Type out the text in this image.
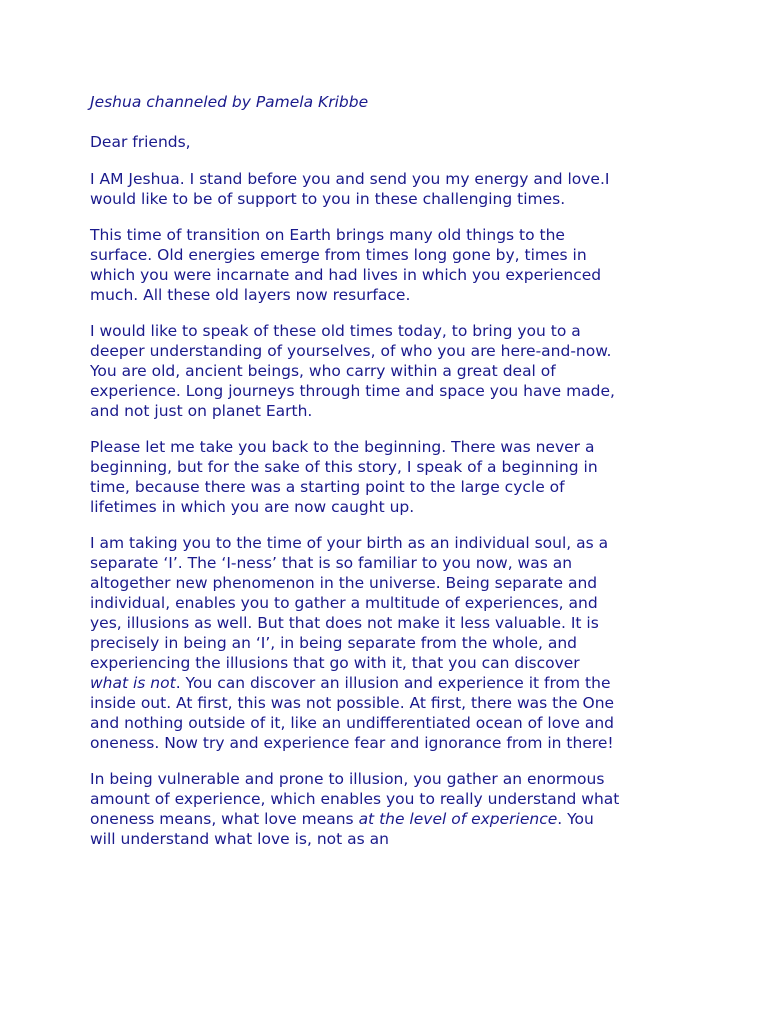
Jeshua channeled by Pamela Kribbe

Dear friends,

I AM Jeshua. I stand before you and send you my energy and love.I would like to be of support to you in these challenging times.

This time of transition on Earth brings many old things to the surface. Old energies emerge from times long gone by, times in which you were incarnate and had lives in which you experienced much. All these old layers now resurface.

I would like to speak of these old times today, to bring you to a deeper understanding of yourselves, of who you are here-and-now. You are old, ancient beings, who carry within a great deal of experience. Long journeys through time and space you have made, and not just on planet Earth.

Please let me take you back to the beginning. There was never a beginning, but for the sake of this story, I speak of a beginning in time, because there was a starting point to the large cycle of lifetimes in which you are now caught up.

I am taking you to the time of your birth as an individual soul, as a separate ‘I’. The ‘I-ness’ that is so familiar to you now, was an altogether new phenomenon in the universe. Being separate and individual, enables you to gather a multitude of experiences, and yes, illusions as well. But that does not make it less valuable. It is precisely in being an ‘I’, in being separate from the whole, and experiencing the illusions that go with it, that you can discover what is not. You can discover an illusion and experience it from the inside out. At first, this was not possible. At first, there was the One and nothing outside of it, like an undifferentiated ocean of love and oneness. Now try and experience fear and ignorance from in there!

In being vulnerable and prone to illusion, you gather an enormous amount of experience, which enables you to really understand what oneness means, what love means at the level of experience. You will understand what love is, not as an
